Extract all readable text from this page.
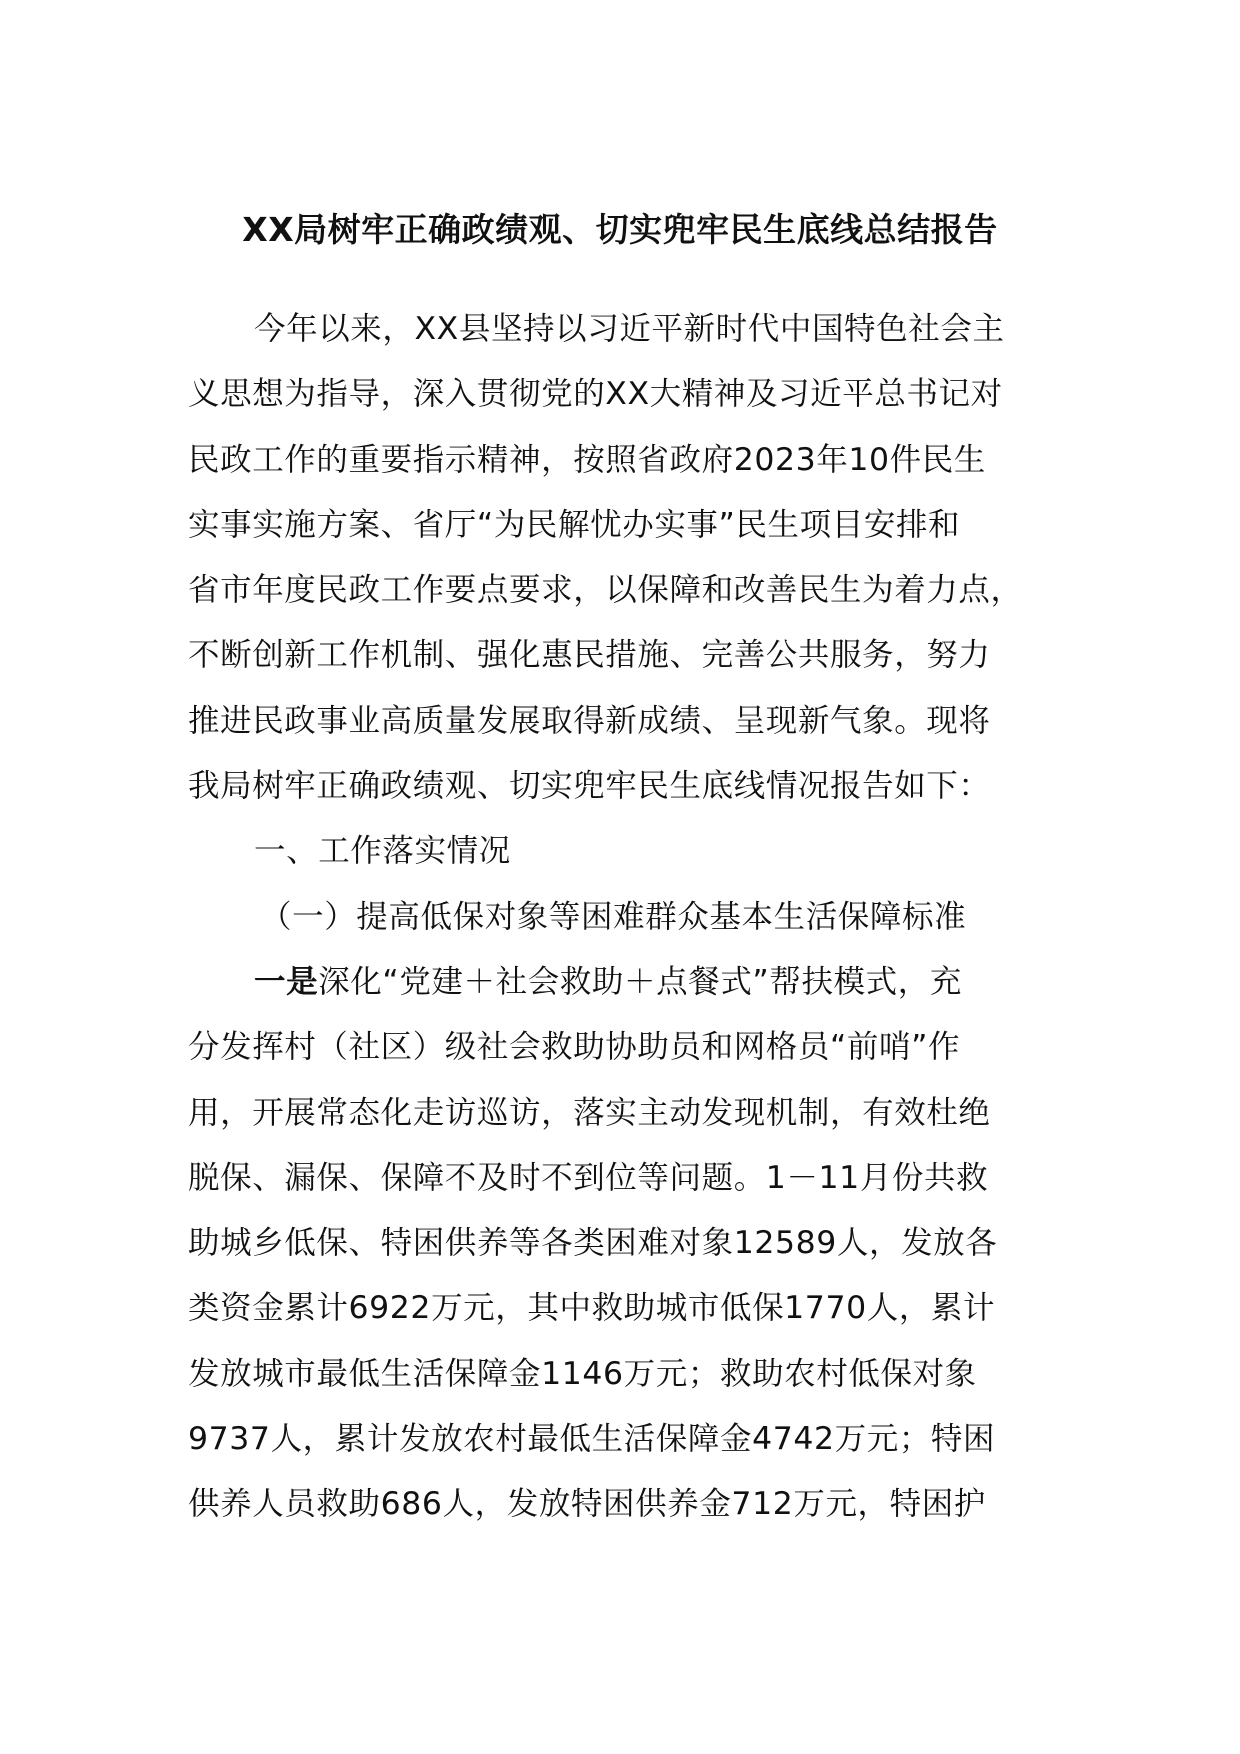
XX局树牢正确政绩观、切实兜牢民生底线总结报告
今年以来，XX县坚持以习近平新时代中国特色社会主
义思想为指导，深入贯彻党的XX大精神及习近平总书记对
民政工作的重要指示精神，按照省政府2023年10件民生
实事实施方案、省厅“为民解忧办实事”民生项目安排和
省市年度民政工作要点要求，以保障和改善民生为着力点，
不断创新工作机制、强化惠民措施、完善公共服务，努力
推进民政事业高质量发展取得新成绩、呈现新气象。现将
我局树牢正确政绩观、切实兜牢民生底线情况报告如下：
一、工作落实情况
（一）提高低保对象等困难群众基本生活保障标准
一是深化“党建＋社会救助＋点餐式”帮扶模式，充
分发挥村（社区）级社会救助协助员和网格员“前哨”作
用，开展常态化走访巡访，落实主动发现机制，有效杜绝
脱保、漏保、保障不及时不到位等问题。1－11月份共救
助城乡低保、特困供养等各类困难对象12589人，发放各
类资金累计6922万元，其中救助城市低保1770人，累计
发放城市最低生活保障金1146万元；救助农村低保对象
9737人，累计发放农村最低生活保障金4742万元；特困
供养人员救助686人，发放特困供养金712万元，特困护
